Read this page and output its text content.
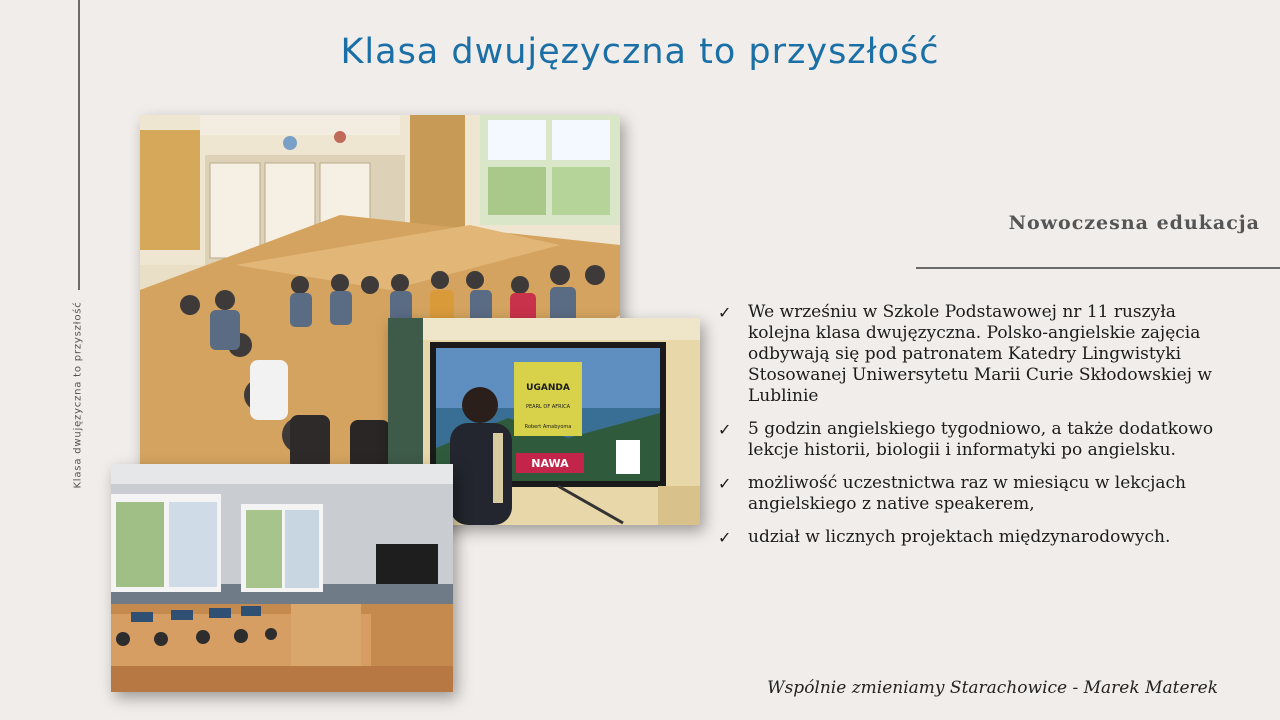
Klasa dwujęzyczna to przyszłość
Klasa dwujęzyczna to przyszłość
Nowoczesna edukacja
UGANDA
PEARL OF AFRICA
Robert Amabyoma
NAWA
✓ We wrześniu w Szkole Podstawowej nr 11 ruszyła kolejna klasa dwujęzyczna. Polsko-angielskie zajęcia odbywają się pod patronatem Katedry Lingwistyki Stosowanej Uniwersytetu Marii Curie Skłodowskiej w Lublinie
✓ 5 godzin angielskiego tygodniowo, a także dodatkowo lekcje historii, biologii i informatyki po angielsku.
✓ możliwość uczestnictwa raz w miesiącu w lekcjach angielskiego z native speakerem,
✓ udział w licznych projektach międzynarodowych.
Wspólnie zmieniamy Starachowice - Marek Materek
